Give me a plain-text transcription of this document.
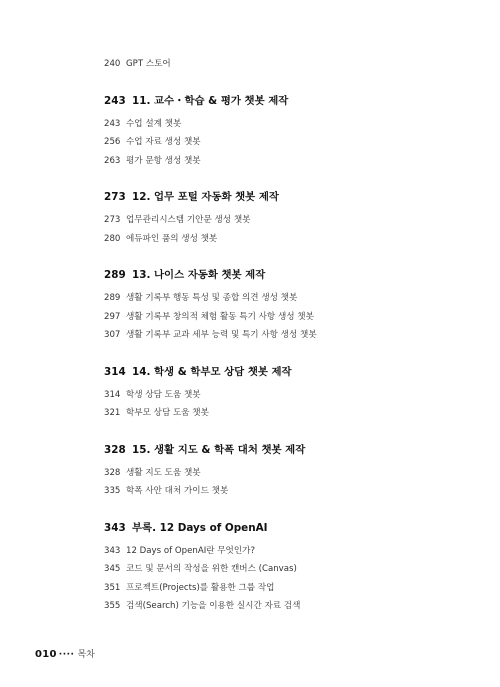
240 GPT 스토어
243 11. 교수・학습 & 평가 챗봇 제작
243 수업 설계 챗봇
256 수업 자료 생성 챗봇
263 평가 문항 생성 챗봇
273 12. 업무 포털 자동화 챗봇 제작
273 업무관리시스템 기안문 생성 챗봇
280 에듀파인 품의 생성 챗봇
289 13. 나이스 자동화 챗봇 제작
289 생활 기록부 행동 특성 및 종합 의견 생성 챗봇
297 생활 기록부 창의적 체험 활동 특기 사항 생성 챗봇
307 생활 기록부 교과 세부 능력 및 특기 사항 생성 챗봇
314 14. 학생 & 학부모 상담 챗봇 제작
314 학생 상담 도움 챗봇
321 학부모 상담 도움 챗봇
328 15. 생활 지도 & 학폭 대처 챗봇 제작
328 생활 지도 도움 챗봇
335 학폭 사안 대처 가이드 챗봇
343 부록. 12 Days of OpenAI
343 12 Days of OpenAI란 무엇인가?
345 코드 및 문서의 작성을 위한 캔버스 (Canvas)
351 프로젝트(Projects)를 활용한 그룹 작업
355 검색(Search) 기능을 이용한 실시간 자료 검색
010 ···· 목차
